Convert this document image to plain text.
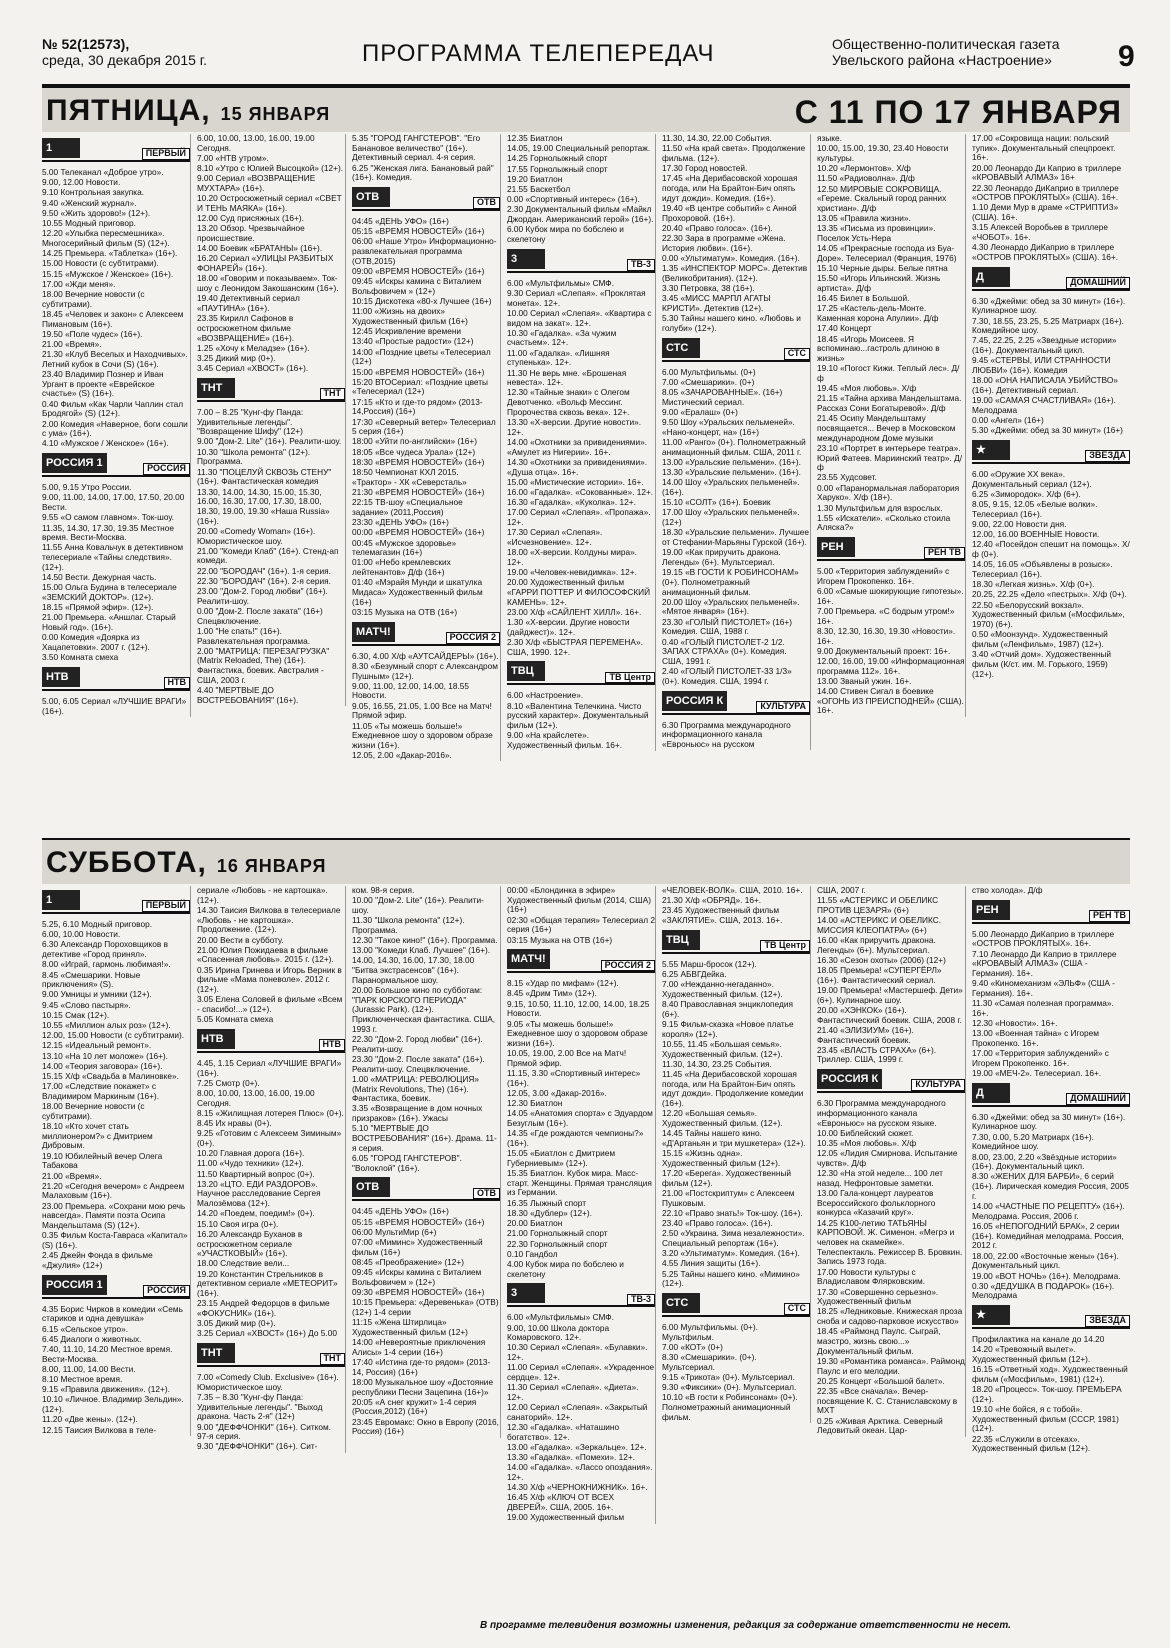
№ 52(12573),
среда, 30 декабря 2015 г.	ПРОГРАММА ТЕЛЕПЕРЕДАЧ	Общественно-политическая газета
Увельского района «Настроение» 9
ПЯТНИЦА, 15 ЯНВАРЯ	С 11 ПО 17 ЯНВАРЯ
1	ПЕРВЫЙ
5.00 Телеканал «Доброе утро».
9.00, 12.00 Новости.
9.10 Контрольная закупка.
9.40 «Женский журнал».
9.50 «Жить здорово!» (12+).
10.55 Модный приговор.
12.20 «Улыбка пересмешника». Многосерийный фильм (S) (12+).
14.25 Премьера. «Таблетка» (16+).
15.00 Новости (с субтитрами).
15.15 «Мужское / Женское» (16+).
17.00 «Жди меня».
18.00 Вечерние новости (с субтитрами).
18.45 «Человек и закон» с Алексеем Пимановым (16+).
19.50 «Поле чудес» (16+).
21.00 «Время».
21.30 «Клуб Веселых и Находчивых». Летний кубок в Сочи (S) (16+).
23.40 Владимир Познер и Иван Ургант в проекте «Еврейское счастье» (S) (16+).
0.40 Фильм «Как Чарли Чаплин стал Бродягой» (S) (12+).
2.00 Комедия «Наверное, боги сошли с ума» (16+).
4.10 «Мужское / Женское» (16+).
РОССИЯ 1	РОССИЯ
5.00, 9.15 Утро России.
9.00, 11.00, 14.00, 17.00, 17.50, 20.00 Вести.
9.55 «О самом главном». Ток-шоу.
11.35, 14.30, 17.30, 19.35 Местное время. Вести-Москва.
11.55 Анна Ковальчук в детективном телесериале «Тайны следствия». (12+).
14.50 Вести. Дежурная часть.
15.00 Ольга Будина в телесериале «ЗЕМСКИЙ ДОКТОР». (12+).
18.15 «Прямой эфир». (12+).
21.00 Премьера. «Аншлаг. Старый Новый год». (16+).
0.00 Комедия «Доярка из Хацапетовки». 2007 г. (12+).
3.50 Комната смеха
НТВ	НТВ
5.00, 6.05 Сериал «ЛУЧШИЕ ВРАГИ» (16+).
6.00, 10.00, 13.00, 16.00, 19.00 Сегодня.
7.00 «НТВ утром».
8.10 «Утро с Юлией Высоцкой» (12+).
9.00 Сериал «ВОЗВРАЩЕНИЕ МУХТАРА» (16+).
10.20 Остросюжетный сериал «СВЕТ И ТЕНЬ МАЯКА» (16+).
12.00 Суд присяжных (16+).
13.20 Обзор. Чрезвычайное происшествие.
14.00 Боевик «БРАТАНЫ» (16+).
16.20 Сериал «УЛИЦЫ РАЗБИТЫХ ФОНАРЕЙ» (16+).
18.00 «Говорим и показываем». Ток-шоу с Леонидом Закошанским (16+).
19.40 Детективный сериал «ПАУТИНА» (16+).
23.35 Кирилл Сафонов в остросюжетном фильме «ВОЗВРАЩЕНИЕ» (16+).
1.25 «Хочу к Меладзе» (16+).
3.25 Дикий мир (0+).
3.45 Сериал «ХВОСТ» (16+).
ТНТ	ТНТ
7.00 – 8.25 "Кунг-фу Панда: Удивительные легенды". "Возвращение Шифу" (12+)
9.00 "Дом-2. Lite" (16+). Реалити-шоу.
10.30 "Школа ремонта" (12+). Программа.
11.30 "ПОЦЕЛУЙ СКВОЗЬ СТЕНУ" (16+). Фантастическая комедия
13.30, 14.00, 14.30, 15.00, 15.30, 16.00, 16.30, 17.00, 17.30, 18.00, 18.30, 19.00, 19.30 «Наша Russia» (16+).
20.00 «Comedy Woman» (16+). Юмористическое шоу.
21.00 "Комеди Клаб" (16+). Стенд-ап комеди.
22.00 "БОРОДАЧ" (16+). 1-я серия.
22.30 "БОРОДАЧ" (16+). 2-я серия.
23.00 "Дом-2. Город любви" (16+). Реалити-шоу.
0.00 "Дом-2. После заката" (16+) Спецвключение.
1.00 "Не спать!" (16+). Развлекательная программа.
2.00 "МАТРИЦА: ПЕРЕЗАГРУЗКА" (Matrix Reloaded, The) (16+). Фантастика, боевик. Австралия - США, 2003 г.
4.40 "МЕРТВЫЕ ДО ВОСТРЕБОВАНИЯ" (16+).
5.35 "ГОРОД ГАНГСТЕРОВ". "Его Банановое величество" (16+). Детективный сериал. 4-я серия.
6.25 "Женская лига. Банановый рай" (16+). Комедия.
ОТВ	ОТВ
04:45 «ДЕНЬ УФО» (16+)
05:15 «ВРЕМЯ НОВОСТЕЙ» (16+)
06:00 «Наше Утро» Информационно-развлекательная программа (ОТВ,2015)
09:00 «ВРЕМЯ НОВОСТЕЙ» (16+)
09:45 «Искры камина с Виталием Вольфовичем » (12+)
10:15 Дискотека «80-х Лучшее (16+)
11:00 «Жизнь на двоих» Художественный фильм (16+)
12:45 Искривление времени
13:40 «Простые радости» (12+)
14:00 «Поздние цветы «Телесериал (12+)
15:00 «ВРЕМЯ НОВОСТЕЙ» (16+)
15:20 ВТОСериал: «Поздние цветы «Телесериал (12+)
17:15 «Кто и где-то рядом» (2013-14,Россия) (16+)
17:30 «Северный ветер» Телесериал 5 серия (16+)
18:00 «Уйти по-английски» (16+)
18:05 «Все чудеса Урала» (12+)
18:30 «ВРЕМЯ НОВОСТЕЙ» (16+)
18:50 Чемпионат КХЛ 2015. «Трактор» - ХК «Северсталь»
21:30 «ВРЕМЯ НОВОСТЕЙ» (16+)
22:15 ТВ-шоу «Специальное задание» (2011,Россия)
23:30 «ДЕНЬ УФО» (16+)
00:00 «ВРЕМЯ НОВОСТЕЙ» (16+)
00:45 «Мужское здоровье» телемагазин (16+)
01:00 «Небо кремлевских лейтенантов» Д/ф (16+)
01:40 «Мэрайя Мунди и шкатулка Мидаса» Художественный фильм (16+)
03:15 Музыка на ОТВ (16+)
МАТЧ!	РОССИЯ 2
6.30, 4.00 Х/ф «АУТСАЙДЕРЫ» (16+).
8.30 «Безумный спорт с Александром Пушным» (12+).
9.00, 11.00, 12.00, 14.00, 18.55 Новости.
9.05, 16.55, 21.05, 1.00 Все на Матч! Прямой эфир.
11.05 «Ты можешь больше!» Ежедневное шоу о здоровом образе жизни (16+).
12.05, 2.00 «Дакар-2016».
12.35 Биатлон
14.05, 19.00 Специальный репортаж.
14.25 Горнолыжный спорт
17.55 Горнолыжный спорт
19.20 Биатлон
21.55 Баскетбол
0.00 «Спортивный интерес» (16+).
2.30 Документальный фильм «Майкл Джордан. Американский герой» (16+).
6.00 Кубок мира по бобслею и скелетону
3	ТВ-3
6.00 «Мультфильмы» СМФ.
9.30 Сериал «Слепая». «Проклятая монета». 12+.
10.00 Сериал «Слепая». «Квартира с видом на закат». 12+.
10.30 «Гадалка». «За чужим счастьем». 12+.
11.00 «Гадалка». «Лишняя ступенька». 12+.
11.30 Не верь мне. «Брошеная невеста». 12+.
12.30 «Тайные знаки» с Олегом Девотченко. «Вольф Мессинг. Пророчества сквозь века». 12+.
13.30 «Х-версии. Другие новости». 12+.
14.00 «Охотники за привидениями». «Амулет из Нигерии». 16+.
14.30 «Охотники за привидениями». «Душа отца». 16+.
15.00 «Мистические истории». 16+.
16.00 «Гадалка». «Сокованные». 12+.
16.30 «Гадалка». «Куколка». 12+.
17.00 Сериал «Слепая». «Пропажа». 12+.
17.30 Сериал «Слепая». «Исчезновение». 12+.
18.00 «Х-версии. Колдуны мира». 12+.
19.00 «Человек-невидимка». 12+.
20.00 Художественный фильм «ГАРРИ ПОТТЕР И ФИЛОСОФСКИЙ КАМЕНЬ». 12+.
23.00 Х/ф «САЙЛЕНТ ХИЛЛ». 16+.
1.30 «Х-версии. Другие новости (дайджест)». 12+.
2.30 Х/ф «БЫСТРАЯ ПЕРЕМЕНА». США, 1990. 12+.
ТВЦ	ТВ Центр
6.00 «Настроение».
8.10 «Валентина Телечкина. Чисто русский характер». Документальный фильм (12+).
9.00 «На крайслете». Художественный фильм. 16+.
11.30, 14.30, 22.00 События.
11.50 «На край света». Продолжение фильма. (12+).
17.30 Город новостей.
17.45 «На Дерибасовской хорошая погода, или На Брайтон-Бич опять идут дожди». Комедия. (16+).
19.40 «В центре событий» с Анной Прохоровой. (16+).
20.40 «Право голоса». (16+).
22.30 Зара в программе «Жена. История любви». (16+).
0.00 «Ультиматум». Комедия. (16+).
1.35 «ИНСПЕКТОР МОРС». Детектив (Великобритания). (12+).
3.30 Петровка, 38 (16+).
3.45 «МИСС МАРПЛ АГАТЫ КРИСТИ». Детектив (12+).
5.30 Тайны нашего кино. «Любовь и голуби» (12+).
СТС	СТС
6.00 Мультфильмы. (0+)
7.00 «Смешарики». (0+)
8.05 «ЗАЧАРОВАННЫЕ». (16+) Мистический сериал.
9.00 «Ералаш» (0+)
9.50 Шоу «Уральских пельменей». «Нано-концерт, на» (16+)
11.00 «Ранго» (0+). Полнометражный анимационный фильм. США, 2011 г.
13.00 «Уральские пельмени». (16+).
13.30 «Уральские пельмени». (16+).
14.00 Шоу «Уральских пельменей». (16+).
15.10 «СОЛТ» (16+). Боевик
17.00 Шоу «Уральских пельменей». (12+)
18.30 «Уральские пельмени». Лучшее от Стефании-Марьяны Гурской (16+).
19.00 «Как приручить дракона. Легенды» (6+). Мультсериал.
19.15 «В ГОСТИ К РОБИНСОНАМ» (0+). Полнометражный анимационный фильм.
20.00 Шоу «Уральских пельменей». «Мятое января» (16+).
23.30 «ГОЛЫЙ ПИСТОЛЕТ» (16+) Комедия. США, 1988 г.
0.40 «ГОЛЫЙ ПИСТОЛЕТ-2 1/2. ЗАПАХ СТРАХА» (0+). Комедия. США, 1991 г.
2.40 «ГОЛЫЙ ПИСТОЛЕТ-33 1/3» (0+). Комедия. США, 1994 г.
РОССИЯ К	КУЛЬТУРА
6.30 Программа международного информационного канала «Евроньюс» на русском
языке.
10.00, 15.00, 19.30, 23.40 Новости культуры.
10.20 «Лермонтов». Х/ф
11.50 «Радиоволна». Д/ф
12.50 МИРОВЫЕ СОКРОВИЩА. «Гереме. Скальный город ранних христиан». Д/ф
13.05 «Правила жизни».
13.35 «Письма из провинции». Поселок Усть-Нера
14.05 «Прекрасные господа из Буа-Доре». Телесериал (Франция, 1976)
15.10 Черные дыры. Белые пятна
15.50 «Игорь Ильинский. Жизнь артиста». Д/ф
16.45 Билет в Большой.
17.25 «Кастель-дель-Монте. Каменная корона Апулии». Д/ф
17.40 Концерт
18.45 «Игорь Моисеев. Я вспоминаю...гастроль длиною в жизнь»
19.10 «Погост Кижи. Теплый лес». Д/ф
19.45 «Моя любовь». Х/ф
21.15 «Тайна архива Мандельштама. Рассказ Сони Богатыревой». Д/ф
21.45 Осипу Мандельштаму посвящается... Вечер в Московском международном Доме музыки
23.10 «Портрет в интерьере театра». Юрий Фатеев. Мариинский театр». Д/ф
23.55 Худсовет.
0.00 «Паранормальная лаборатория Харуко». Х/ф (18+).
1.30 Мультфильм для взрослых.
1.55 «Искатели». «Сколько стоила Аляска?»
РЕН	РЕН ТВ
5.00 «Территория заблуждений» с Игорем Прокопенко. 16+.
6.00 «Самые шокирующие гипотезы». 16+.
7.00 Премьера. «С бодрым утром!» 16+.
8.30, 12.30, 16.30, 19.30 «Новости». 16+.
9.00 Документальный проект: 16+.
12.00, 16.00, 19.00 «Информационная программа 112». 16+.
13.00 Званый ужин. 16+.
14.00 Стивен Сигал в боевике «ОГОНЬ ИЗ ПРЕИСПОДНЕЙ» (США). 16+.
17.00 «Сокровища нации: польский тупик». Документальный спецпроект. 16+.
20.00 Леонардо Ди Каприо в триллере «КРОВАВЫЙ АЛМАЗ» 16+
22.30 Леонардо ДиКаприо в триллере «ОСТРОВ ПРОКЛЯТЫХ» (США). 16+.
1.10 Деми Мур в драме «СТРИПТИЗ» (США). 16+.
3.15 Алексей Воробьев в триллере «ЧОБОТ». 16+.
4.30 Леонардо ДиКаприо в триллере «ОСТРОВ ПРОКЛЯТЫХ» (США). 16+.
Д	ДОМАШНИЙ
6.30 «Джейми: обед за 30 минут» (16+). Кулинарное шоу.
7.30, 18.55, 23.25, 5.25 Матриарх (16+). Комедийное шоу.
7.45, 22.25, 2.25 «Звездные истории» (16+). Документальный цикл.
9.45 «СТЕРВЫ, ИЛИ СТРАННОСТИ ЛЮБВИ» (16+). Комедия
18.00 «ОНА НАПИСАЛА УБИЙСТВО» (16+). Детективный сериал.
19.00 «САМАЯ СЧАСТЛИВАЯ» (16+). Мелодрама
0.00 «Ангел» (16+)
5.30 «Джейми: обед за 30 минут» (16+)
★	ЗВЕЗДА
6.00 «Оружие ХХ века». Документальный сериал (12+).
6.25 «Зимородок». Х/ф (6+).
8.05, 9.15, 12.05 «Белые волки». Телесериал (16+).
9.00, 22.00 Новости дня.
12.00, 16.00 ВОЕННЫЕ Новости.
12.40 «Посейдон спешит на помощь». Х/ф (0+).
14.05, 16.05 «Объявлены в розыск». Телесериал (16+).
18.30 «Легкая жизнь». Х/ф (0+).
20.25, 22.25 «Дело «пестрых». Х/ф (0+).
22.50 «Белорусский вокзал». Художественный фильм («Мосфильм», 1970) (6+).
0.50 «Моонзунд». Художественный фильм («Ленфильм», 1987) (12+).
3.40 «Отчий дом». Художественный фильм (К/ст. им. М. Горького, 1959) (12+).
СУББОТА, 16 ЯНВАРЯ
1	ПЕРВЫЙ
5.25, 6.10 Модный приговор.
6.00, 10.00 Новости.
6.30 Александр Пороховщиков в детективе «Город принял».
8.00 «Играй, гармонь любимая!».
8.45 «Смешарики. Новые приключения» (S).
9.00 Умницы и умники (12+).
9.45 «Слово пастыря».
10.15 Смак (12+).
10.55 «Миллион алых роз» (12+).
12.00, 15.00 Новости (с субтитрами).
12.15 «Идеальный ремонт».
13.10 «На 10 лет моложе» (16+).
14.00 «Теория заговора» (16+).
15.15 Х/ф «Свадьба в Малиновке».
17.00 «Следствие покажет» с Владимиром Маркиным (16+).
18.00 Вечерние новости (с субтитрами).
18.10 «Кто хочет стать миллионером?» с Дмитрием Дибровым.
19.10 Юбилейный вечер Олега Табакова
21.00 «Время».
21.20 «Сегодня вечером» с Андреем Малаховым (16+).
23.00 Премьера. «Сохрани мою речь навсегда». Памяти поэта Осипа Мандельштама (S) (12+).
0.35 Фильм Коста-Гавраса «Капитал» (S) (16+).
2.45 Джейн Фонда в фильме «Джулия» (12+)
РОССИЯ 1	РОССИЯ
4.35 Борис Чирков в комедии «Семь стариков и одна девушка»
6.15 «Сельское утро».
6.45 Диалоги о животных.
7.40, 11.10, 14.20 Местное время. Вести-Москва.
8.00, 11.00, 14.00 Вести.
8.10 Местное время.
9.15 «Правила движения». (12+).
10.10 «Личное. Владимир Зельдин». (12+).
11.20 «Две жены». (12+).
12.15 Таисия Вилкова в теле-
сериале «Любовь - не картошка». (12+).
14.30 Таисия Вилкова в телесериале «Любовь - не картошка». Продолжение. (12+).
20.00 Вести в субботу.
21.00 Юлия Пожидаева в фильме «Спасенная любовь». 2015 г. (12+).
0.35 Ирина Гринева и Игорь Верник в фильме «Мама поневоле». 2012 г. (12+).
3.05 Елена Соловей в фильме «Всем - спасибо!...» (12+).
5.05 Комната смеха
НТВ	НТВ
4.45, 1.15 Сериал «ЛУЧШИЕ ВРАГИ» (16+).
7.25 Смотр (0+).
8.00, 10.00, 13.00, 16.00, 19.00 Сегодня.
8.15 «Жилищная лотерея Плюс» (0+).
8.45 Их нравы (0+).
9.25 «Готовим с Алексеем Зиминым» (0+).
10.20 Главная дорога (16+).
11.00 «Чудо техники» (12+).
11.50 Квартирный вопрос (0+).
13.20 «ЦТО. ЕДИ РАЗДОРОВ». Научное расследование Сергея Малозёмова (12+).
14.20 «Поедем, поедим!» (0+).
15.10 Своя игра (0+).
16.20 Александр Буханов в остросюжетном сериале «УЧАСТКОВЫЙ» (16+).
18.00 Следствие вели...
19.20 Константин Стрельников в детективном сериале «МЕТЕОРИТ» (16+).
23.15 Андрей Федорцов в фильме «ФОКУСНИК» (16+).
3.05 Дикий мир (0+).
3.25 Сериал «ХВОСТ» (16+) До 5.00
ТНТ	ТНТ
7.00 «Comedy Club. Exclusive» (16+). Юмористическое шоу.
7.35 – 8.30 "Кунг-фу Панда: Удивительные легенды". "Выход дракона. Часть 2-я" (12+)
9.00 "ДЕФФЧОНКИ" (16+). Ситком. 97-я серия.
9.30 "ДЕФФЧОНКИ" (16+). Сит-
ком. 98-я серия.
10.00 "Дом-2. Lite" (16+). Реалити-шоу.
11.30 "Школа ремонта" (12+). Программа.
12.30 "Такое кино!" (16+). Программа.
13.00 "Комеди Клаб. Лучшее" (16+).
14.00, 14.30, 16.00, 17.30, 18.00 "Битва экстрасенсов" (16+). Паранормальное шоу.
20.00 Большое кино по субботам: "ПАРК ЮРСКОГО ПЕРИОДА" (Jurassic Park). (12+). Приключенческая фантастика. США, 1993 г.
22.30 "Дом-2. Город любви" (16+). Реалити-шоу.
23.30 "Дом-2. После заката" (16+). Реалити-шоу. Спецвключение.
1.00 «МАТРИЦА: РЕВОЛЮЦИЯ» (Matrix Revolutions, The) (16+). Фантастика, боевик.
3.35 «Возвращение в дом ночных призраков» (16+). Ужасы
5.10 "МЕРТВЫЕ ДО ВОСТРЕБОВАНИЯ" (16+). Драма. 11-я серия.
6.05 "ГОРОД ГАНГСТЕРОВ". "Волоклой" (16+).
ОТВ	ОТВ
04:45 «ДЕНЬ УФО» (16+)
05:15 «ВРЕМЯ НОВОСТЕЙ» (16+)
06:00 МультиМир (6+)
07:00 «Миминс» Художественный фильм (16+)
08:45 «Преображение» (12+)
09:45 «Искры камина с Виталием Вольфовичем » (12+)
09:30 «ВРЕМЯ НОВОСТЕЙ» (16+)
10:15 Премьера: «Деревенька» (ОТВ) (12+) 1-4 серии
11:15 «Жена Штирлица» Художественный фильм (12+)
14:00 «Невероятные приключения Алисы» 1-4 серии (16+)
17:40 «Истина где-то рядом» (2013-14, Россия) (16+)
18:00 Музыкальное шоу «Достояние республики Песни Зацепина (16+)»
20:05 «А снег кружит» 1-4 серия (Россия,2012) (16+)
23:45 Евромакс: Окно в Европу (2016, Россия) (16+)
00:00 «Блондинка в эфире» Художественный фильм (2014, США) (16+)
02:30 «Общая терапия» Телесериал 2 серия (16+)
03:15 Музыка на ОТВ (16+)
МАТЧ!	РОССИЯ 2
8.15 «Удар по мифам» (12+).
8.45 «Дрим Тим» (12+).
9.15, 10.50, 11.10, 12.00, 14.00, 18.25 Новости.
9.05 «Ты можешь больше!» Ежедневное шоу о здоровом образе жизни (16+).
10.05, 19.00, 2.00 Все на Матч! Прямой эфир.
11.15, 3.30 «Спортивный интерес» (16+).
12.05, 3.00 «Дакар-2016».
12.30 Биатлон
14.05 «Анатомия спорта» с Эдуардом Безуглым (16+).
14.35 «Где рождаются чемпионы?» (16+).
15.05 «Биатлон с Дмитрием Губерниевым» (12+).
15.35 Биатлон. Кубок мира. Масс-старт. Женщины. Прямая трансляция из Германии.
16.35 Лыжный спорт
18.30 «Дублер» (12+).
20.00 Биатлон
21.00 Горнолыжный спорт
22.30 Горнолыжный спорт
0.10 Гандбол
4.00 Кубок мира по бобслею и скелетону
3	ТВ-3
6.00 «Мультфильмы» СМФ.
9.00, 10.00 Школа доктора Комаровского. 12+.
10.30 Сериал «Слепая». «Булавки». 12+.
11.00 Сериал «Слепая». «Украденное сердце». 12+.
11.30 Сериал «Слепая». «Диета». 12+.
12.00 Сериал «Слепая». «Закрытый санаторий». 12+.
12.30 «Гадалка». «Наташино богатство». 12+.
13.00 «Гадалка». «Зеркальце». 12+.
13.30 «Гадалка». «Помехи». 12+.
14.00 «Гадалка». «Лассо опоздания». 12+.
14.30 Х/ф «ЧЕРНОКНИЖНИК». 16+.
16.45 Х/ф «КЛЮЧ ОТ ВСЕХ ДВЕРЕЙ». США, 2005. 16+.
19.00 Художественный фильм
«ЧЕЛОВЕК-ВОЛК». США, 2010. 16+.
21.30 Х/ф «ОБРЯД». 16+.
23.45 Художественный фильм «ЗАКЛЯТИЕ». США, 2013. 16+.
ТВЦ	ТВ Центр
5.55 Марш-бросок (12+).
6.25 АБВГДейка.
7.00 «Нежданно-негаданно». Художественный фильм. (12+).
8.40 Православная энциклопедия (6+).
9.15 Фильм-сказка «Новое платье короля» (12+).
10.55, 11.45 «Большая семья». Художественный фильм. (12+).
11.30, 14.30, 23.25 События.
11.45 «На Дерибасовской хорошая погода, или На Брайтон-Бич опять идут дожди». Продолжение комедии (16+).
12.20 «Большая семья». Художественный фильм. (12+).
14.45 Тайны нашего кино. «Д'Артаньян и три мушкетера» (12+).
15.15 «Жизнь одна». Художественный фильм (12+).
17.20 «Берега». Художественный фильм (12+).
21.00 «Постскриптум» с Алексеем Пушковым.
22.10 «Право знать!» Ток-шоу. (16+).
23.40 «Право голоса». (16+).
2.50 «Украина. Зима незалежности». Специальный репортаж (16+).
3.20 «Ультиматум». Комедия. (16+).
4.55 Линия защиты (16+).
5.25 Тайны нашего кино. «Миминo» (12+).
СТС	СТС
6.00 Мультфильмы. (0+). Мультфильм.
7.00 «КОТ» (0+)
8.30 «Смешарики». (0+). Мультсериал.
9.15 «Трикота» (0+). Мультсериал.
9.30 «Фиксики» (0+). Мультсериал.
10.10 «В гости к Робинсонам» (0+). Полнометражный анимационный фильм.
США, 2007 г.
11.55 «АСТЕРИКС И ОБЕЛИКС ПРОТИВ ЦЕЗАРЯ» (6+)
14.00 «АСТЕРИКС И ОБЕЛИКС. МИССИЯ КЛЕОПАТРА» (6+)
16.00 «Как приручить дракона. Легенды» (6+). Мультсериал.
16.30 «Сезон охоты» (2006) (12+)
18.05 Премьера! «СУПЕРГЁРЛ» (16+). Фантастический сериал.
19.00 Премьера! «Мастершеф. Дети» (6+). Кулинарное шоу.
20.00 «ХЭНКОК» (16+). Фантастический боевик. США, 2008 г.
21.40 «ЭЛИЗИУМ» (16+). Фантастический боевик.
23.45 «ВЛАСТЬ СТРАХА» (6+). Триллер. США, 1999 г.
РОССИЯ К	КУЛЬТУРА
6.30 Программа международного информационного канала «Евроньюс» на русском языке.
10.00 Библейский сюжет.
10.35 «Моя любовь». Х/ф
12.05 «Лидия Смирнова. Испытание чувств». Д/ф
12.30 «На этой неделе... 100 лет назад. Нефронтовые заметки.
13.00 Гала-концерт лауреатов Всероссийского фольклорного конкурса «Казачий круг».
14.25 К100-летию ТАТЬЯНЫ КАРПОВОЙ. Ж. Сименон. «Мегрэ и человек на скамейке». Телеспектакль. Режиссер В. Бровкин. Запись 1973 года.
17.00 Новости культуры с Владиславом Флярковским.
17.30 «Совершенно серьезно». Художественный фильм
18.25 «Ледниковые. Книжеская проза сноба и садово-парковое искусство»
18.45 «Раймонд Паулс. Сыграй, маэстро, жизнь свою...» Документальный фильм.
19.30 «Романтика романса». Раймонд Паулс и его мелодии.
20.25 Концерт «Большой балет».
22.35 «Все сначала». Вечер-посвящение К. С. Станиславскому в МХТ
0.25 «Живая Арктика. Северный Ледовитый океан. Цар-
ство холода». Д/ф
РЕН	РЕН ТВ
5.00 Леонардо ДиКаприо в триллере «ОСТРОВ ПРОКЛЯТЫХ». 16+.
7.10 Леонардо Ди Каприо в триллере «КРОВАВЫЙ АЛМАЗ» (США - Германия). 16+.
9.40 «Киномеханизм «ЭЛЬФ» (США - Германия). 16+.
11.30 «Самая полезная программа». 16+.
12.30 «Новости». 16+.
13.00 «Военная тайна» с Игорем Прокопенко. 16+.
17.00 «Территория заблуждений» с Игорем Прокопенко. 16+.
19.00 «МЕЧ-2». Телесериал. 16+.
Д	ДОМАШНИЙ
6.30 «Джейми: обед за 30 минут» (16+). Кулинарное шоу.
7.30, 0.00, 5.20 Матриарх (16+). Комедийное шоу.
8.00, 23.00, 2.20 «Звёздные истории» (16+). Документальный цикл.
8.30 «ЖЕНИХ ДЛЯ БАРБИ», 6 серий (16+). Лирическая комедия Россия, 2005 г.
14.00 «ЧАСТНЫЕ ПО РЕЦЕПТУ» (16+). Мелодрама. Россия, 2006 г.
16.05 «НЕПОГОДНИЙ БРАК», 2 серии (16+). Комедийная мелодрама. Россия, 2012 г.
18.00, 22.00 «Восточные жены» (16+). Документальный цикл.
19.00 «ВОТ НОЧЬ» (16+). Мелодрама.
0.30 «ДЕДУШКА В ПОДАРОК» (16+). Мелодрама
★	ЗВЕЗДА
Профилактика на канале до 14.20
14.20 «Тревожный вылет». Художественный фильм (12+).
16.15 «Ответный ход». Художественный фильм («Мосфильм», 1981) (12+).
18.20 «Процесс». Ток-шоу. ПРЕМЬЕРА (12+).
19.10 «Не бойся, я с тобой». Художественный фильм (СССР, 1981) (12+).
22.35 «Служили в отсеках». Художественный фильм (12+).
В программе телевидения возможны изменения, редакция за содержание ответственности не несет.
